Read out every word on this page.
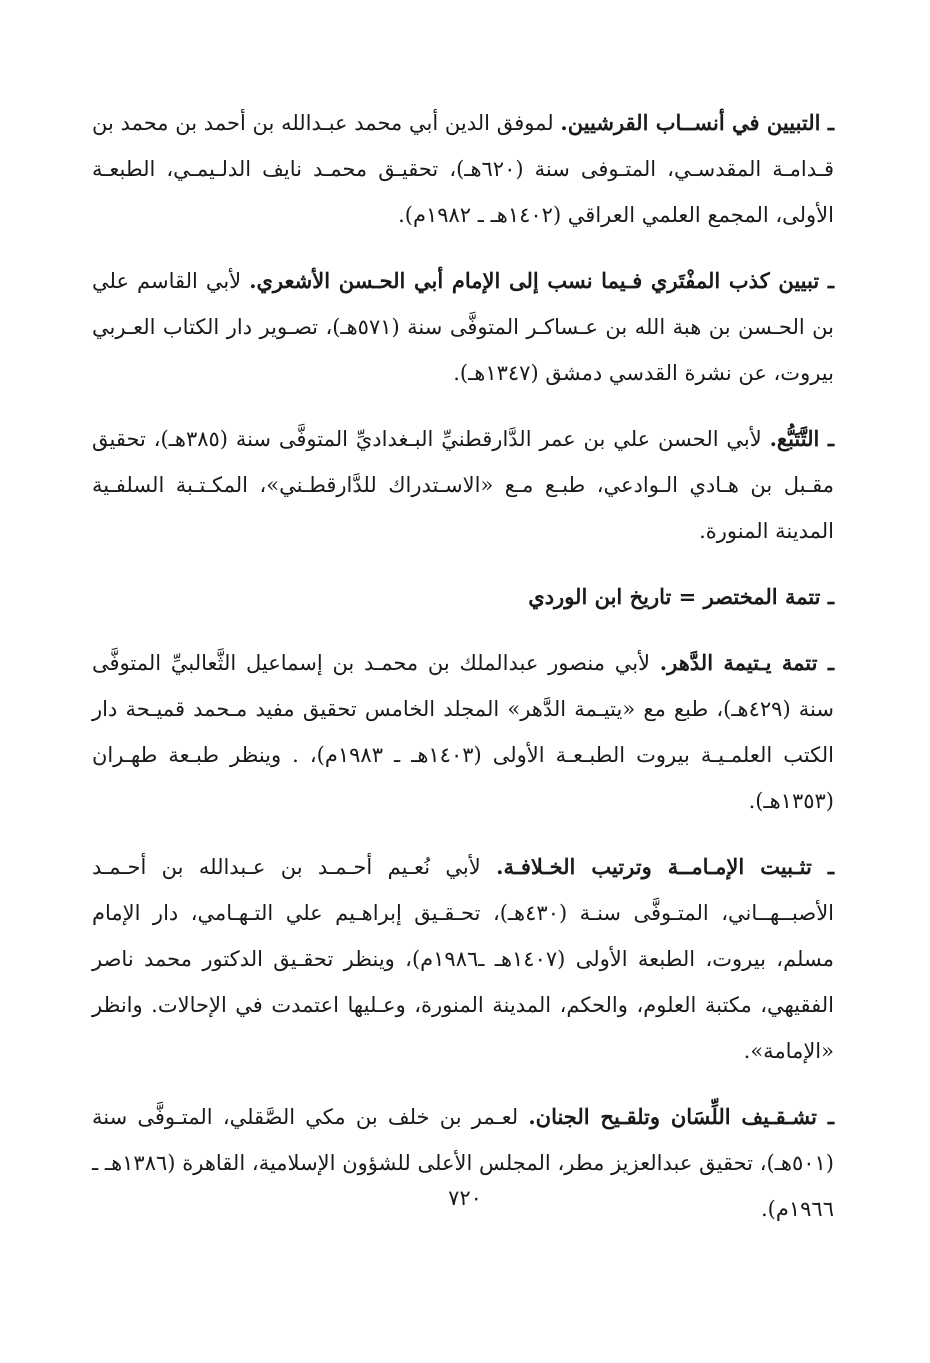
ـ التبيين في أنســاب القرشيين. لموفق الدين أبي محمد عبـدالله بن أحمد بن محمد بن قـدامـة المقدسـي، المتـوفى سنة (٦٢٠هـ)، تحقيـق محمـد نايف الدلـيمـي، الطبعـة الأولى، المجمع العلمي العراقي (١٤٠٢هـ ـ ١٩٨٢م).

ـ تبيين كذب المفْتَري فـيما نسب إلى الإمام أبي الحـسن الأشعري. لأبي القاسم علي بن الحـسن بن هبة الله بن عـساكـر المتوفَّى سنة (٥٧١هـ)، تصـوير دار الكتاب العـربي بيروت، عن نشرة القدسي دمشق (١٣٤٧هـ).

ـ التَّتَبُّع. لأبي الحسن علي بن عمر الدَّارقطنيِّ البـغداديِّ المتوفَّى سنة (٣٨٥هـ)، تحقيق مقـبل بن هـادي الـوادعي، طبـع مـع «الاسـتدراك للدَّارقطـني»، المكـتـبة السلفـية المدينة المنورة.

ـ تتمة المختصر = تاريخ ابن الوردي

ـ تتمة يـتيمة الدَّهر. لأبي منصور عبدالملك بن محمـد بن إسماعيل الثَّعالبيِّ المتوفَّى سنة (٤٢٩هـ)، طبع مع «يتيـمة الدَّهر» المجلد الخامس تحقيق مفيد مـحمد قميـحة دار الكتب العلمـيـة بيروت الطبـعـة الأولى (١٤٠٣هـ ـ ١٩٨٣م)، . وينظر طبـعة طهـران (١٣٥٣هـ).

ـ تثـبيت الإمـامــة وترتيب الخـلافـة. لأبي نُعـيم أحـمـد بن عـبدالله بن أحـمـد الأصبــهــاني، المتـوفَّى سنـة (٤٣٠هـ)، تحـقـيق إبراهـيم علي التـهـامي، دار الإمام مسلم، بيروت، الطبعة الأولى (١٤٠٧هـ ـ١٩٨٦م)، وينظر تحقـيق الدكتور محمد ناصر الفقيهي، مكتبة العلوم، والحكم، المدينة المنورة، وعـليها اعتمدت في الإحالات. وانظر «الإمامة».

ـ تشـقـيف اللِّسَان وتلقـيح الجنان. لعـمر بن خلف بن مكي الصَّقلي، المتـوفَّى سنة (٥٠١هـ)، تحقيق عبدالعزيز مطر، المجلس الأعلى للشؤون الإسلامية، القاهرة (١٣٨٦هـ ـ ١٩٦٦م).

٧٢٠
